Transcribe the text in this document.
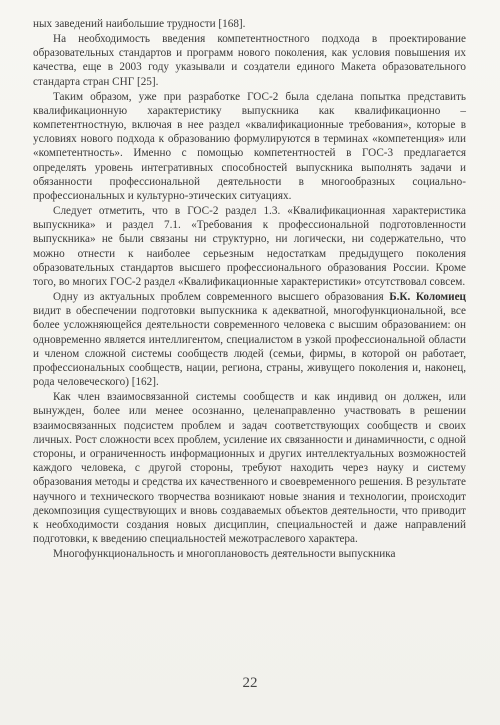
ных заведений наибольшие трудности [168].

На необходимость введения компетентностного подхода в проектирование образовательных стандартов и программ нового поколения, как условия повышения их качества, еще в 2003 году указывали и создатели единого Макета образовательного стандарта стран СНГ [25].

Таким образом, уже при разработке ГОС-2 была сделана попытка представить квалификационную характеристику выпускника как квалификационно – компетентностную, включая в нее раздел «квалификационные требования», которые в условиях нового подхода к образованию формулируются в терминах «компетенция» или «компетентность». Именно с помощью компетентностей в ГОС-3 предлагается определять уровень интегративных способностей выпускника выполнять задачи и обязанности профессиональной деятельности в многообразных социально-профессиональных и культурно-этических ситуациях.

Следует отметить, что в ГОС-2 раздел 1.3. «Квалификационная характеристика выпускника» и раздел 7.1. «Требования к профессиональной подготовленности выпускника» не были связаны ни структурно, ни логически, ни содержательно, что можно отнести к наиболее серьезным недостаткам предыдущего поколения образовательных стандартов высшего профессионального образования России. Кроме того, во многих ГОС-2 раздел «Квалификационные характеристики» отсутствовал совсем.

Одну из актуальных проблем современного высшего образования Б.К. Коломиец видит в обеспечении подготовки выпускника к адекватной, многофункциональной, все более усложняющейся деятельности современного человека с высшим образованием: он одновременно является интеллигентом, специалистом в узкой профессиональной области и членом сложной системы сообществ людей (семьи, фирмы, в которой он работает, профессиональных сообществ, нации, региона, страны, живущего поколения и, наконец, рода человеческого) [162].

Как член взаимосвязанной системы сообществ и как индивид он должен, или вынужден, более или менее осознанно, целенаправленно участвовать в решении взаимосвязанных подсистем проблем и задач соответствующих сообществ и своих личных. Рост сложности всех проблем, усиление их связанности и динамичности, с одной стороны, и ограниченность информационных и других интеллектуальных возможностей каждого человека, с другой стороны, требуют находить через науку и систему образования методы и средства их качественного и своевременного решения. В результате научного и технического творчества возникают новые знания и технологии, происходит декомпозиция существующих и вновь создаваемых объектов деятельности, что приводит к необходимости создания новых дисциплин, специальностей и даже направлений подготовки, к введению специальностей межотраслевого характера.

Многофункциональность и многоплановость деятельности выпускника

22
